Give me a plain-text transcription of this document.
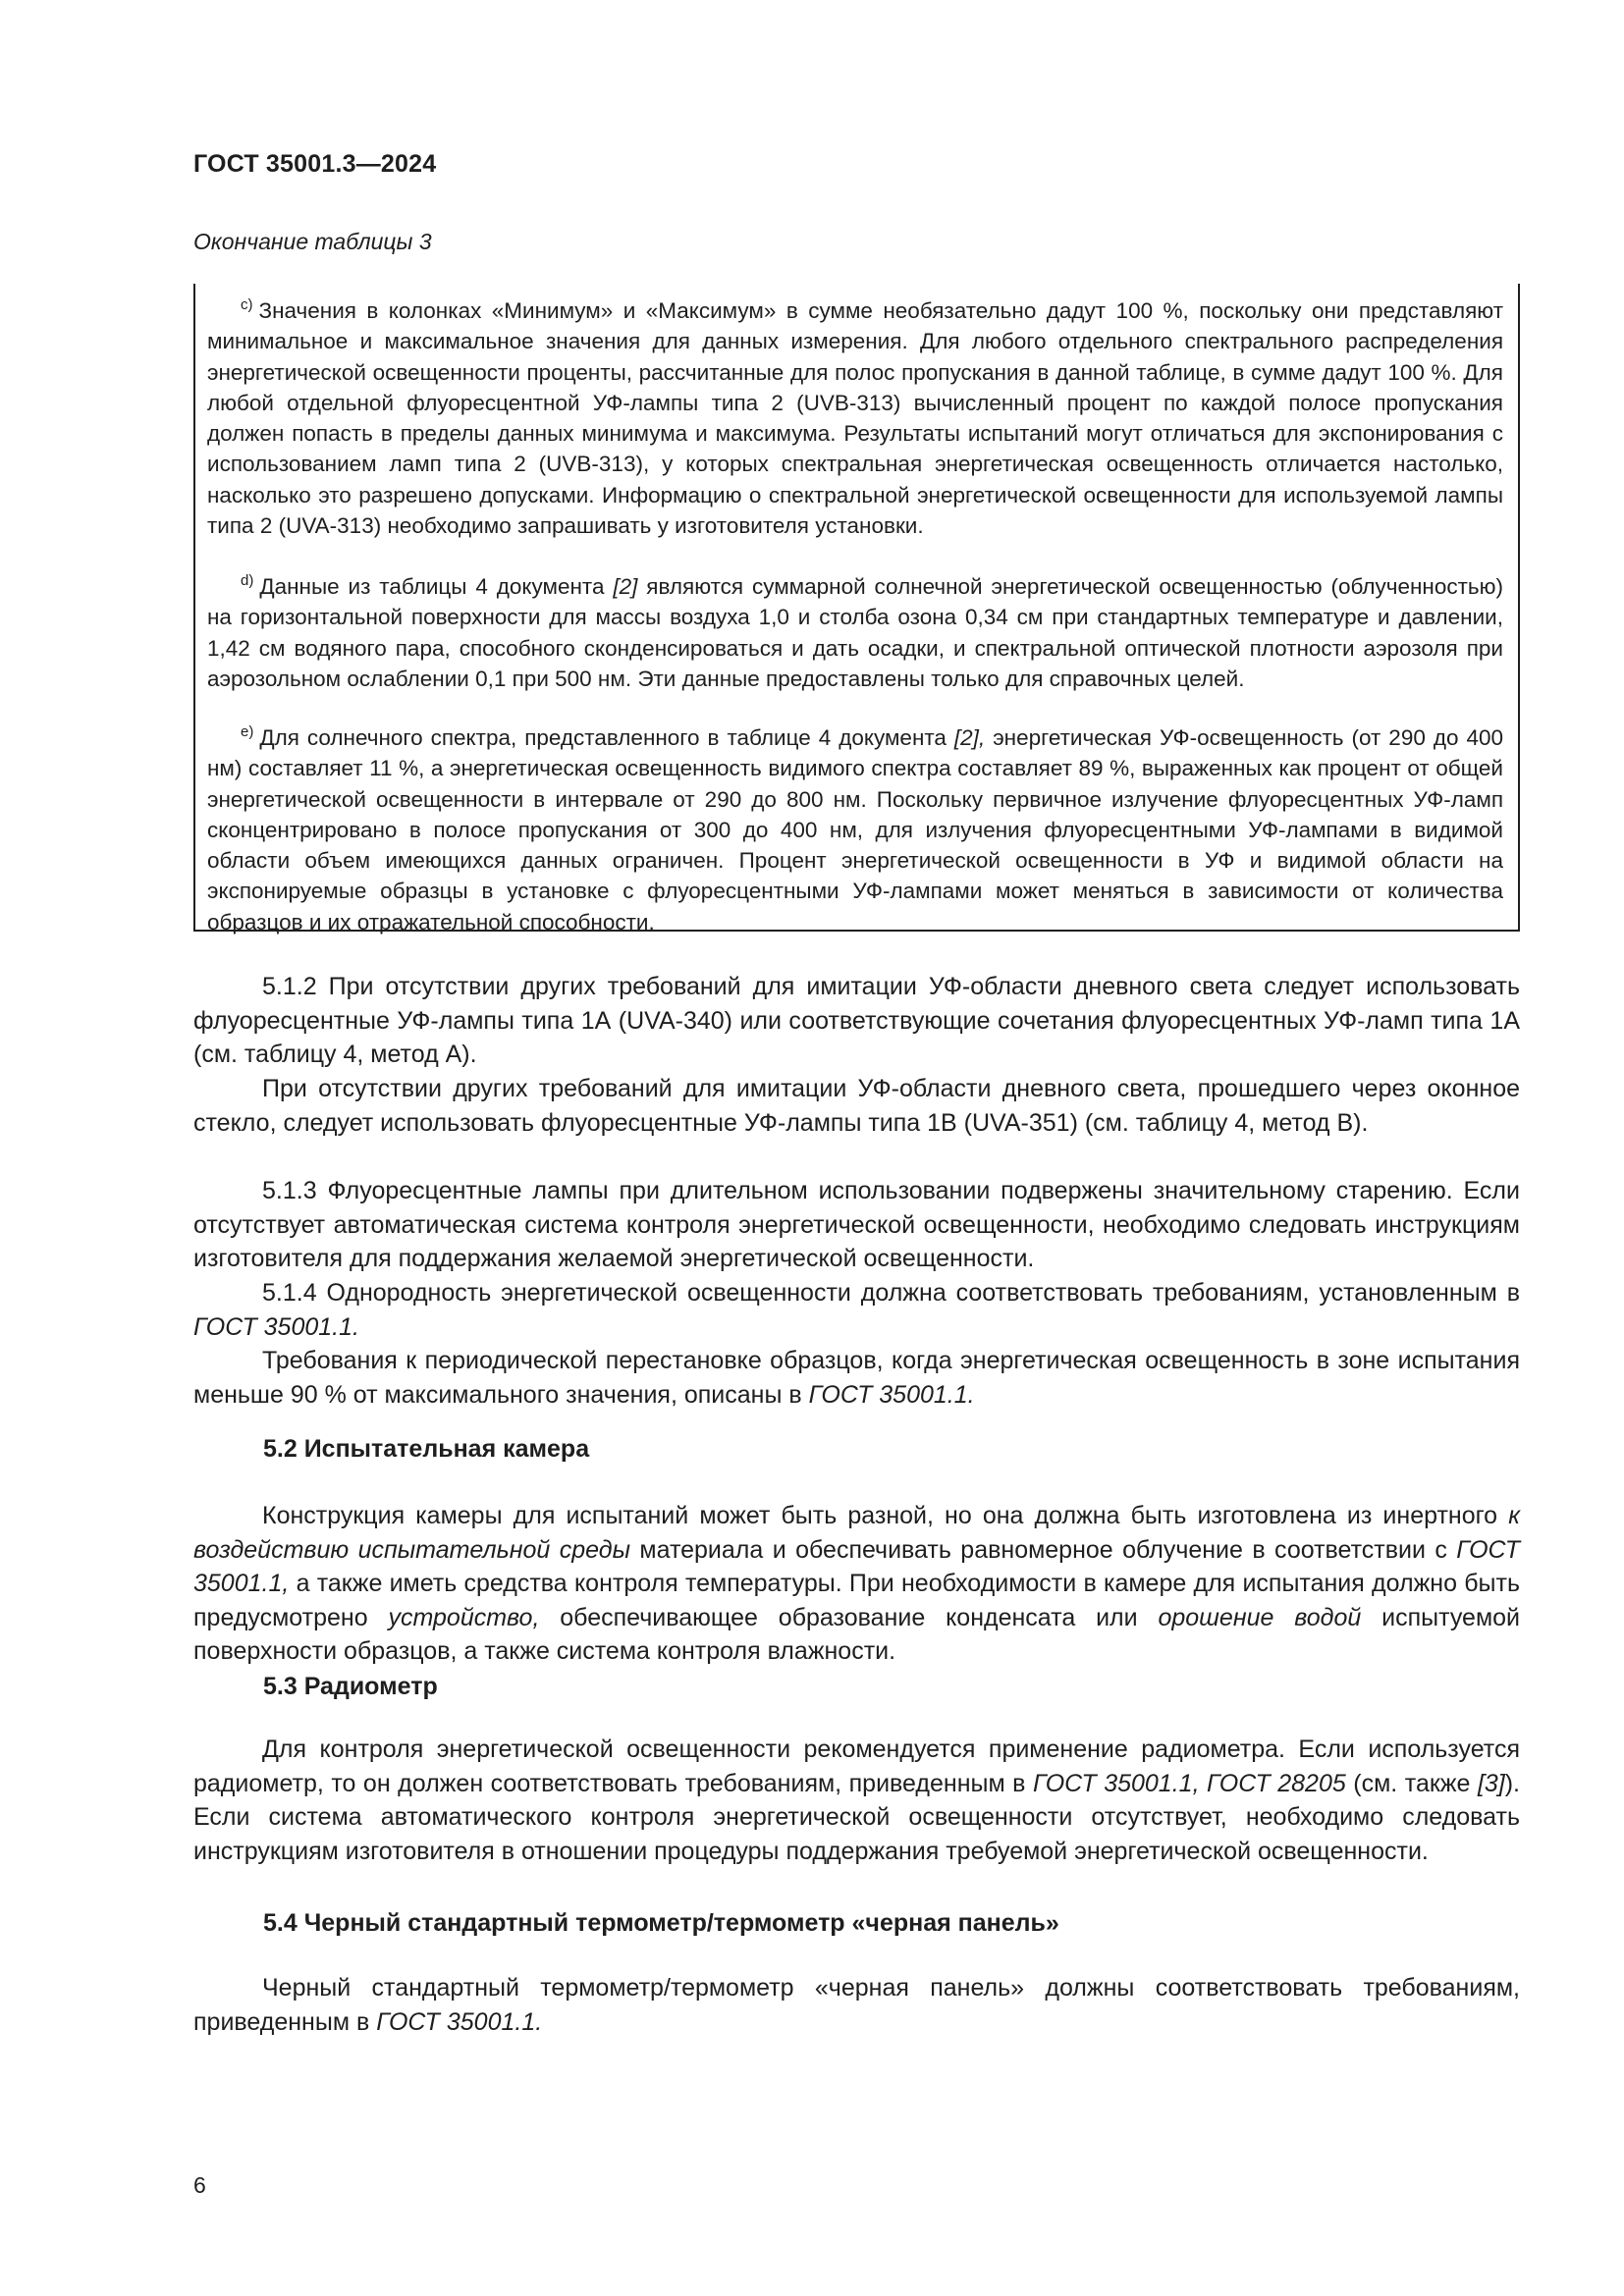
ГОСТ 35001.3—2024
Окончание таблицы 3

$^{c)}$ Значения в колонках «Минимум» и «Максимум» в сумме необязательно дадут 100 %, поскольку они представляют минимальное и максимальное значения для данных измерения. Для любого отдельного спектрального распределения энергетической освещенности проценты, рассчитанные для полос пропускания в данной таблице, в сумме дадут 100 %. Для любой отдельной флуоресцентной УФ-лампы типа 2 (UVB-313) вычисленный процент по каждой полосе пропускания должен попасть в пределы данных минимума и максимума. Результаты испытаний могут отличаться для экспонирования с использованием ламп типа 2 (UVB-313), у которых спектральная энергетическая освещенность отличается настолько, насколько это разрешено допусками. Информацию о спектральной энергетической освещенности для используемой лампы типа 2 (UVA-313) необходимо запрашивать у изготовителя установки.

$^{d)}$ Данные из таблицы 4 документа [2] являются суммарной солнечной энергетической освещенностью (облученностью) на горизонтальной поверхности для массы воздуха 1,0 и столба озона 0,34 см при стандартных температуре и давлении, 1,42 см водяного пара, способного сконденсироваться и дать осадки, и спектральной оптической плотности аэрозоля при аэрозольном ослаблении 0,1 при 500 нм. Эти данные предоставлены только для справочных целей.

$^{e)}$ Для солнечного спектра, представленного в таблице 4 документа [2], энергетическая УФ-освещенность (от 290 до 400 нм) составляет 11 %, а энергетическая освещенность видимого спектра составляет 89 %, выраженных как процент от общей энергетической освещенности в интервале от 290 до 800 нм. Поскольку первичное излучение флуоресцентных УФ-ламп сконцентрировано в полосе пропускания от 300 до 400 нм, для излучения флуоресцентными УФ-лампами в видимой области объем имеющихся данных ограничен. Процент энергетической освещенности в УФ и видимой области на экспонируемые образцы в установке с флуоресцентными УФ-лампами может меняться в зависимости от количества образцов и их отражательной способности.

5.1.2 При отсутствии других требований для имитации УФ-области дневного света следует использовать флуоресцентные УФ-лампы типа 1А (UVA-340) или соответствующие сочетания флуоресцентных УФ-ламп типа 1А (см. таблицу 4, метод А).

При отсутствии других требований для имитации УФ-области дневного света, прошедшего через оконное стекло, следует использовать флуоресцентные УФ-лампы типа 1В (UVA-351) (см. таблицу 4, метод В).

5.1.3 Флуоресцентные лампы при длительном использовании подвержены значительному старению. Если отсутствует автоматическая система контроля энергетической освещенности, необходимо следовать инструкциям изготовителя для поддержания желаемой энергетической освещенности.

5.1.4 Однородность энергетической освещенности должна соответствовать требованиям, установленным в ГОСТ 35001.1.

Требования к периодической перестановке образцов, когда энергетическая освещенность в зоне испытания меньше 90 % от максимального значения, описаны в ГОСТ 35001.1.

5.2 Испытательная камера

Конструкция камеры для испытаний может быть разной, но она должна быть изготовлена из инертного к воздействию испытательной среды материала и обеспечивать равномерное облучение в соответствии с ГОСТ 35001.1, а также иметь средства контроля температуры. При необходимости в камере для испытания должно быть предусмотрено устройство, обеспечивающее образование конденсата или орошение водой испытуемой поверхности образцов, а также система контроля влажности.

5.3 Радиометр

Для контроля энергетической освещенности рекомендуется применение радиометра. Если используется радиометр, то он должен соответствовать требованиям, приведенным в ГОСТ 35001.1, ГОСТ 28205 (см. также [3]). Если система автоматического контроля энергетической освещенности отсутствует, необходимо следовать инструкциям изготовителя в отношении процедуры поддержания требуемой энергетической освещенности.

5.4 Черный стандартный термометр/термометр «черная панель»

Черный стандартный термометр/термометр «черная панель» должны соответствовать требованиям, приведенным в ГОСТ 35001.1.

6
